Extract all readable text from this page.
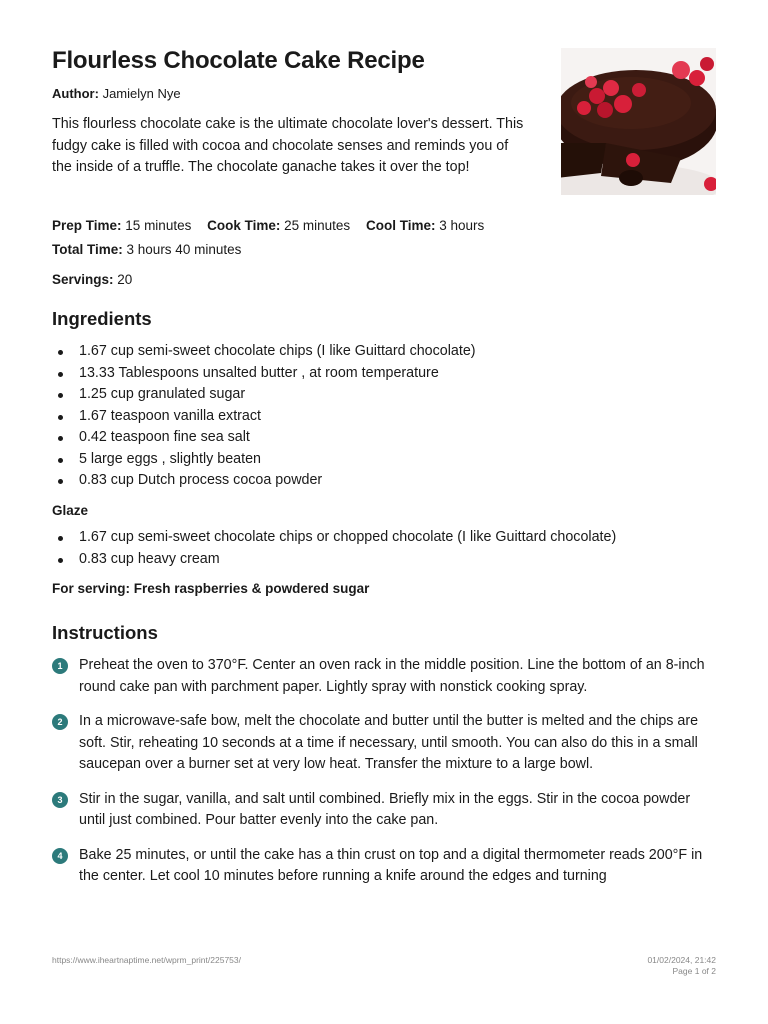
Flourless Chocolate Cake Recipe
Author: Jamielyn Nye
This flourless chocolate cake is the ultimate chocolate lover's dessert. This fudgy cake is filled with cocoa and chocolate senses and reminds you of the inside of a truffle. The chocolate ganache takes it over the top!
Prep Time: 15 minutes Cook Time: 25 minutes Cool Time: 3 hours
Total Time: 3 hours 40 minutes
Servings: 20
Ingredients
1.67 cup semi-sweet chocolate chips (I like Guittard chocolate)
13.33 Tablespoons unsalted butter , at room temperature
1.25 cup granulated sugar
1.67 teaspoon vanilla extract
0.42 teaspoon fine sea salt
5 large eggs , slightly beaten
0.83 cup Dutch process cocoa powder
Glaze
1.67 cup semi-sweet chocolate chips or chopped chocolate (I like Guittard chocolate)
0.83 cup heavy cream
For serving: Fresh raspberries & powdered sugar
Instructions
1	Preheat the oven to 370°F. Center an oven rack in the middle position. Line the bottom of an 8-inch round cake pan with parchment paper. Lightly spray with nonstick cooking spray.
2	In a microwave-safe bow, melt the chocolate and butter until the butter is melted and the chips are soft. Stir, reheating 10 seconds at a time if necessary, until smooth. You can also do this in a small saucepan over a burner set at very low heat. Transfer the mixture to a large bowl.
3	Stir in the sugar, vanilla, and salt until combined. Briefly mix in the eggs. Stir in the cocoa powder until just combined. Pour batter evenly into the cake pan.
4	Bake 25 minutes, or until the cake has a thin crust on top and a digital thermometer reads 200°F in the center. Let cool 10 minutes before running a knife around the edges and turning
https://www.iheartnaptime.net/wprm_print/225753/	01/02/2024, 21:42
Page 1 of 2
